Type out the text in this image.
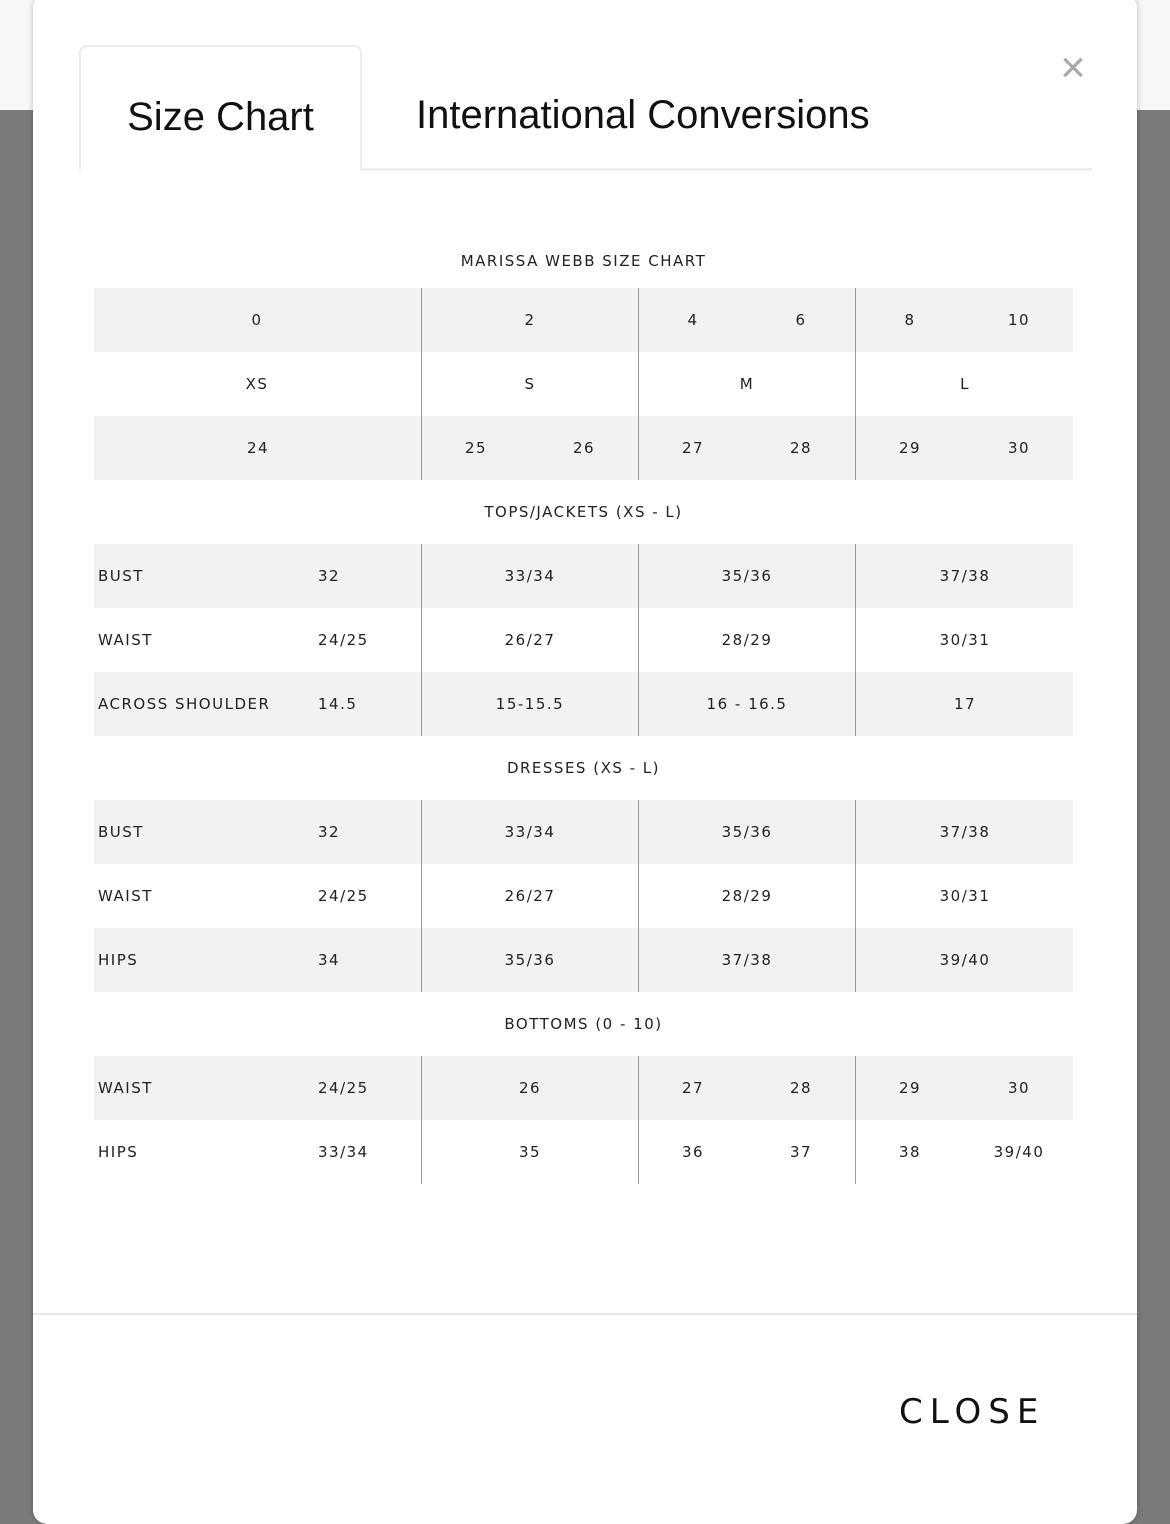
Size Chart	International Conversions
×
MARISSA WEBB SIZE CHART
0	2	4	6	8	10
XS	S	M	L
24	25	26	27	28	29	30
TOPS/JACKETS (XS - L)
BUST	32	33/34	35/36	37/38
WAIST	24/25	26/27	28/29	30/31
ACROSS SHOULDER	14.5	15-15.5	16 - 16.5	17
DRESSES (XS - L)
BUST	32	33/34	35/36	37/38
WAIST	24/25	26/27	28/29	30/31
HIPS	34	35/36	37/38	39/40
BOTTOMS (0 - 10)
WAIST	24/25	26	27	28	29	30
HIPS	33/34	35	36	37	38	39/40
CLOSE
